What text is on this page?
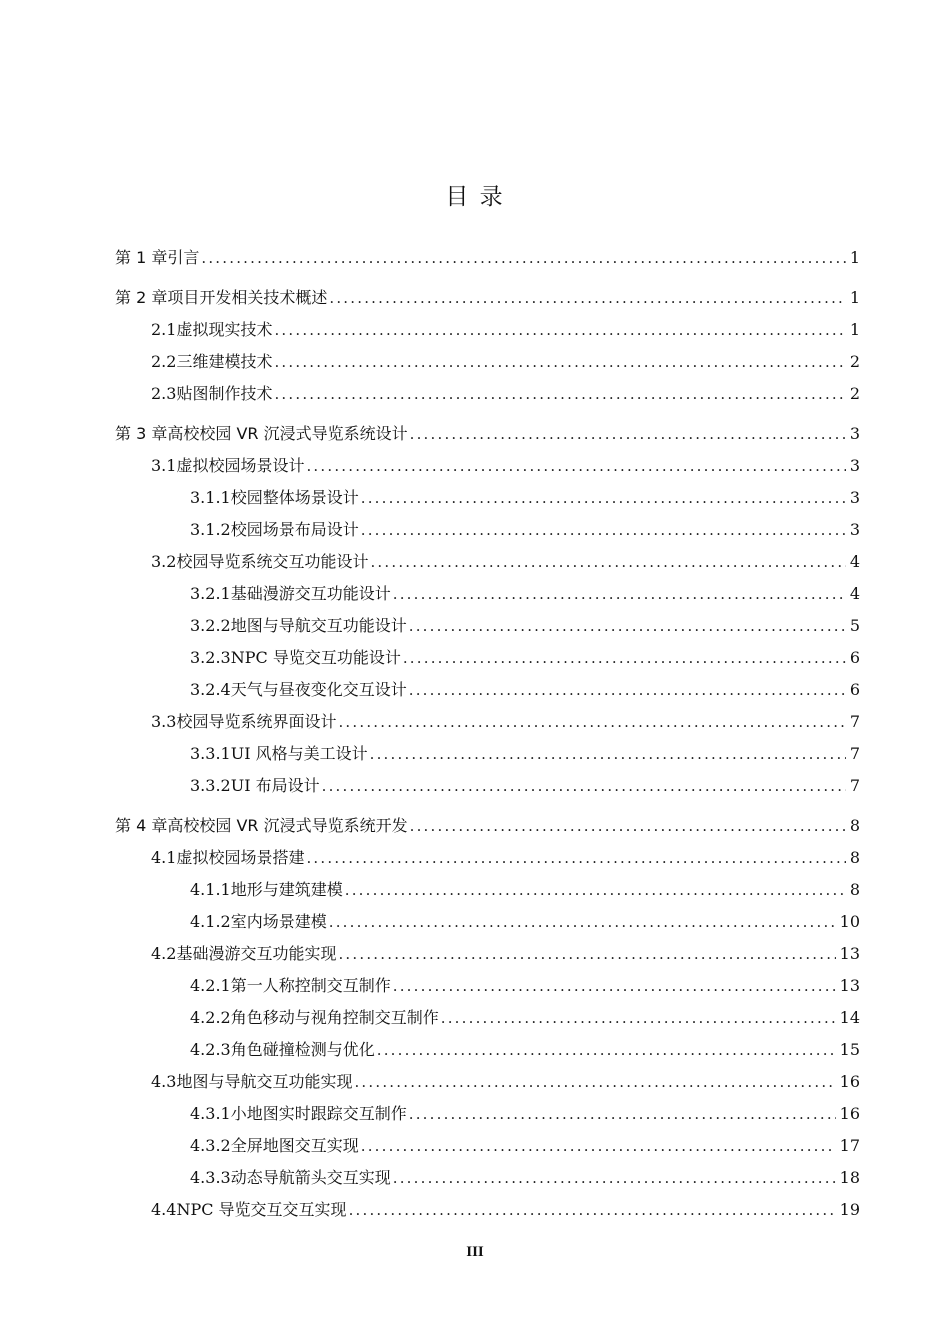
目 录
第 1 章 引言 .....	1
第 2 章 项目开发相关技术概述 .....	1
2.1 虚拟现实技术 .....	1
2.2 三维建模技术 .....	2
2.3 贴图制作技术 .....	2
第 3 章 高校校园 VR 沉浸式导览系统设计 .....	3
3.1 虚拟校园场景设计 .....	3
3.1.1 校园整体场景设计 .....	3
3.1.2 校园场景布局设计 .....	3
3.2 校园导览系统交互功能设计 .....	4
3.2.1 基础漫游交互功能设计 .....	4
3.2.2 地图与导航交互功能设计 .....	5
3.2.3 NPC 导览交互功能设计 .....	6
3.2.4 天气与昼夜变化交互设计 .....	6
3.3 校园导览系统界面设计 .....	7
3.3.1 UI 风格与美工设计 .....	7
3.3.2 UI 布局设计 .....	7
第 4 章 高校校园 VR 沉浸式导览系统开发 .....	8
4.1 虚拟校园场景搭建 .....	8
4.1.1 地形与建筑建模 .....	8
4.1.2 室内场景建模 .....	10
4.2 基础漫游交互功能实现 .....	13
4.2.1 第一人称控制交互制作 .....	13
4.2.2 角色移动与视角控制交互制作 .....	14
4.2.3 角色碰撞检测与优化 .....	15
4.3 地图与导航交互功能实现 .....	16
4.3.1 小地图实时跟踪交互制作 .....	16
4.3.2 全屏地图交互实现 .....	17
4.3.3 动态导航箭头交互实现 .....	18
4.4 NPC 导览交互交互实现 .....	19
III
